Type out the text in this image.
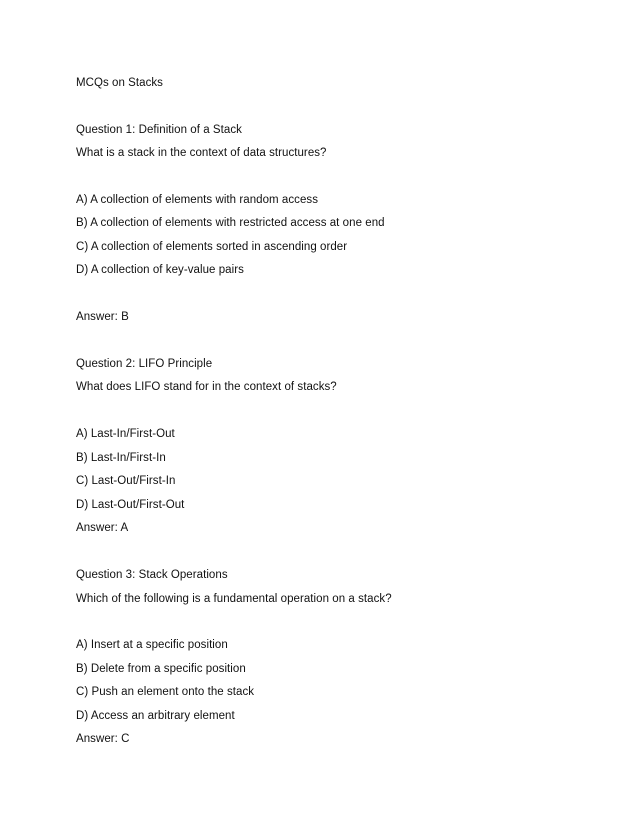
MCQs on Stacks
Question 1: Definition of a Stack
What is a stack in the context of data structures?
A) A collection of elements with random access
B) A collection of elements with restricted access at one end
C) A collection of elements sorted in ascending order
D) A collection of key-value pairs
Answer: B
Question 2: LIFO Principle
What does LIFO stand for in the context of stacks?
A) Last-In/First-Out
B) Last-In/First-In
C) Last-Out/First-In
D) Last-Out/First-Out
Answer: A
Question 3: Stack Operations
Which of the following is a fundamental operation on a stack?
A) Insert at a specific position
B) Delete from a specific position
C) Push an element onto the stack
D) Access an arbitrary element
Answer: C
